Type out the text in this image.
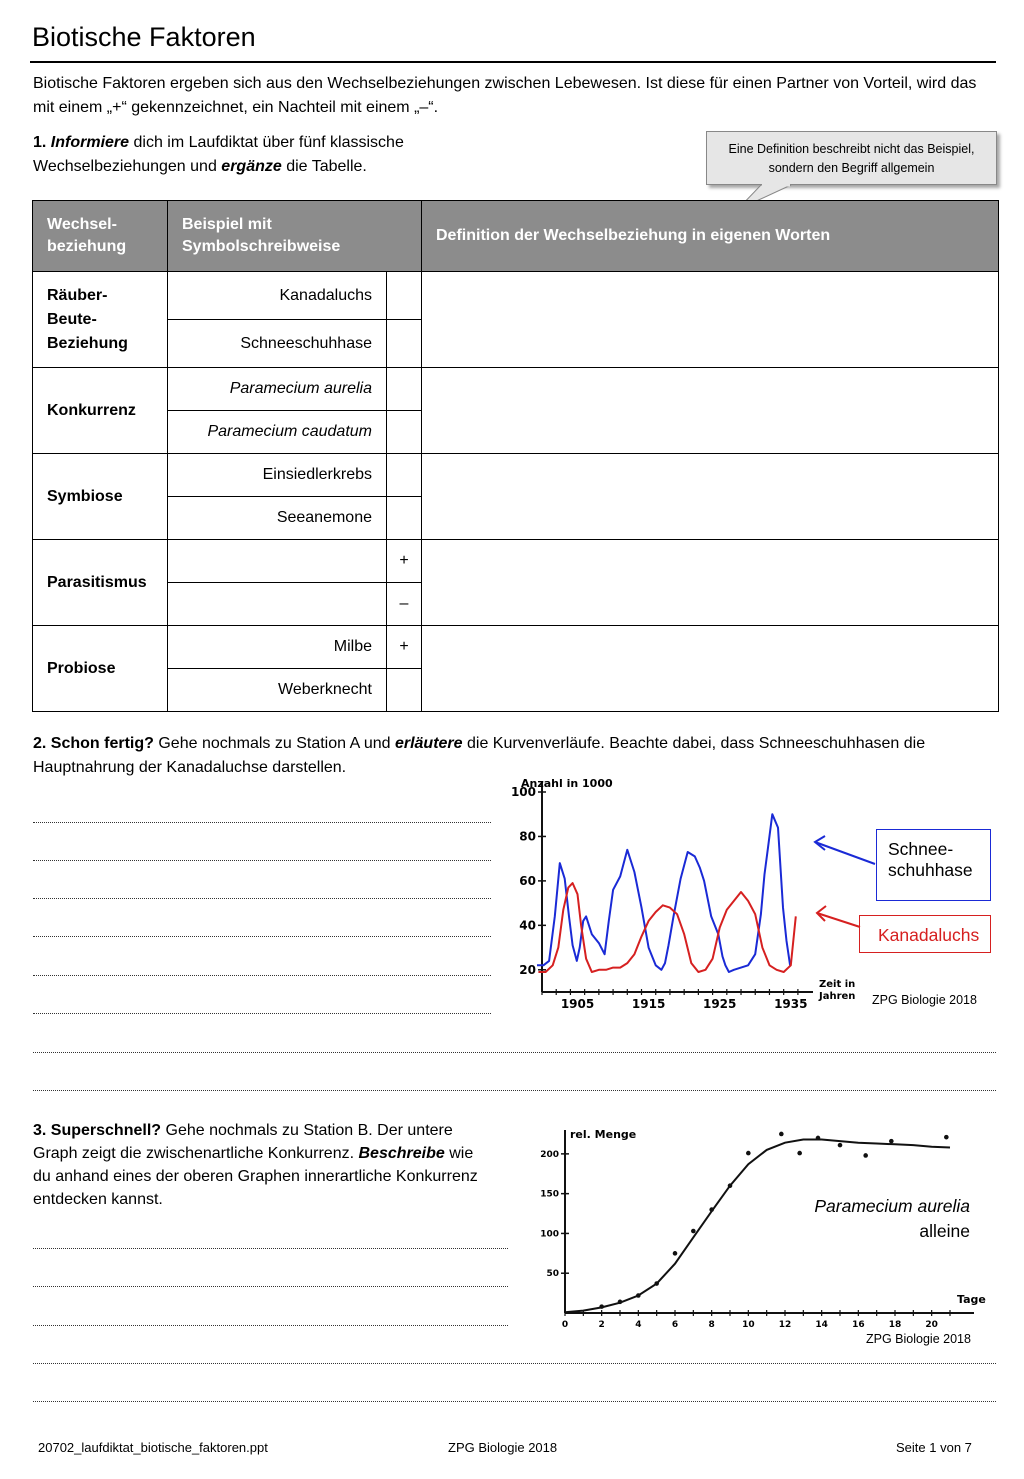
Biotische Faktoren
Biotische Faktoren ergeben sich aus den Wechselbeziehungen zwischen Lebewesen. Ist diese für einen Partner von Vorteil, wird das mit einem „+“ gekennzeichnet, ein Nachteil mit einem „–“.
1. Informiere dich im Laufdiktat über fünf klassische Wechselbeziehungen und ergänze die Tabelle.
Eine Definition beschreibt nicht das Beispiel, sondern den Begriff allgemein
Wechsel-
beziehung	Beispiel mit
Symbolschreibweise		Definition der Wechselbeziehung in eigenen Worten
Räuber-
Beute-
Beziehung	Kanadaluchs		
	Schneeschuhhase		
Konkurrenz	Paramecium aurelia		
	Paramecium caudatum		
Symbiose	Einsiedlerkrebs		
	Seeanemone		
Parasitismus		+	
		–	
Probiose	Milbe	+	
	Weberknecht		
2. Schon fertig? Gehe nochmals zu Station A und erläutere die Kurvenverläufe. Beachte dabei, dass Schneeschuhhasen die Hauptnahrung der Kanadaluchse darstellen.
20
40
60
80
100
1905	1915	1925	1935
Anzahl in 1000
Zeit in Jahren
Schnee-
schuhhase
Kanadaluchs
ZPG Biologie 2018
3. Superschnell? Gehe nochmals zu Station B. Der untere Graph zeigt die zwischenartliche Konkurrenz. Beschreibe wie du anhand eines der oberen Graphen innerartliche Konkurrenz entdecken kannst.
50
100
150
200
0	2	4	6	8	10	12	14	16	18	20
rel. Menge
Tage
Paramecium aurelia
alleine
ZPG Biologie 2018
20702_laufdiktat_biotische_faktoren.ppt	ZPG Biologie 2018	Seite 1 von 7
